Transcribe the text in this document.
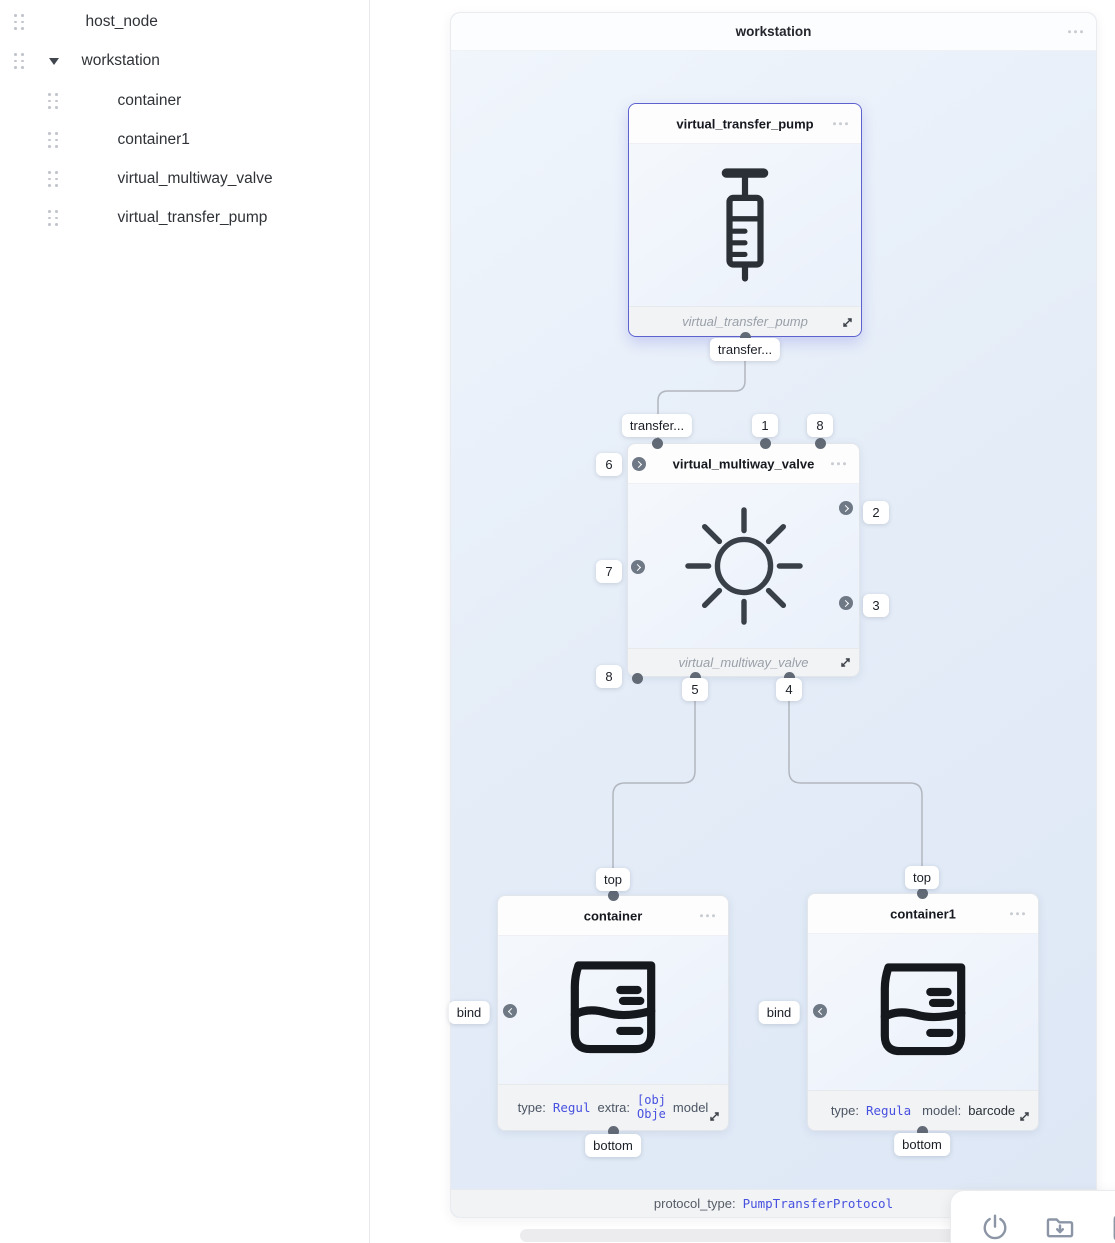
host_node
workstation
container
container1
virtual_multiway_valve
virtual_transfer_pump
workstation
protocol_type: PumpTransferProtocol
virtual_transfer_pump
virtual_transfer_pump
virtual_multiway_valve
virtual_multiway_valve
container
type: Regul extra:
[obj
Obje model
container1
type: Regula model: barcode
transfer...
transfer...	1	8
6
7
8
2
3
5	4
top
bind
bottom
top
bind
bottom
